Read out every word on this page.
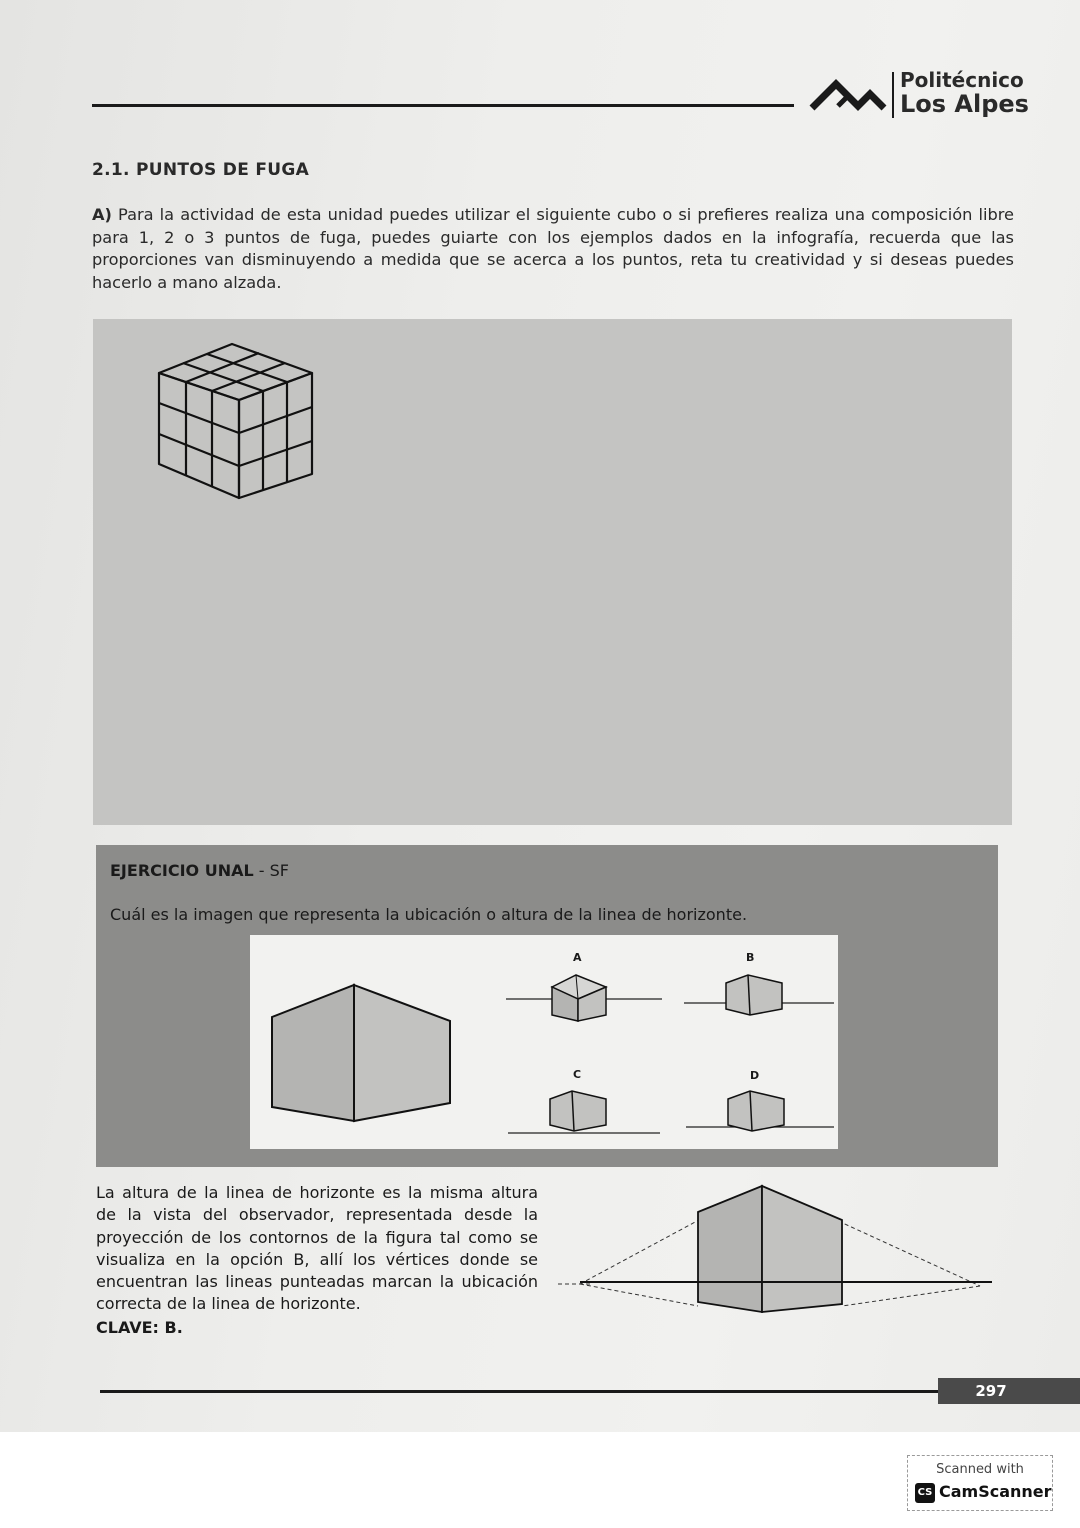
Politécnico
Los Alpes
2.1. PUNTOS DE FUGA
A) Para la actividad de esta unidad puedes utilizar el siguiente cubo o si prefieres realiza una composición libre para 1, 2 o 3 puntos de fuga, puedes guiarte con los ejemplos dados en la infografía, recuerda que las proporciones van disminuyendo a medida que se acerca a los puntos, reta tu creatividad y si deseas puedes hacerlo a mano alzada.
EJERCICIO UNAL - SF
Cuál es la imagen que representa la ubicación o altura de la linea de horizonte.
A	B
C	D
La altura de la linea de horizonte es la misma altura de la vista del observador, representada desde la proyección de los contornos de la figura tal como se visualiza en la opción B, allí los vértices donde se encuentran las lineas punteadas marcan la ubicación correcta de la linea de horizonte.
CLAVE: B.
297
Scanned with
CS CamScanner
